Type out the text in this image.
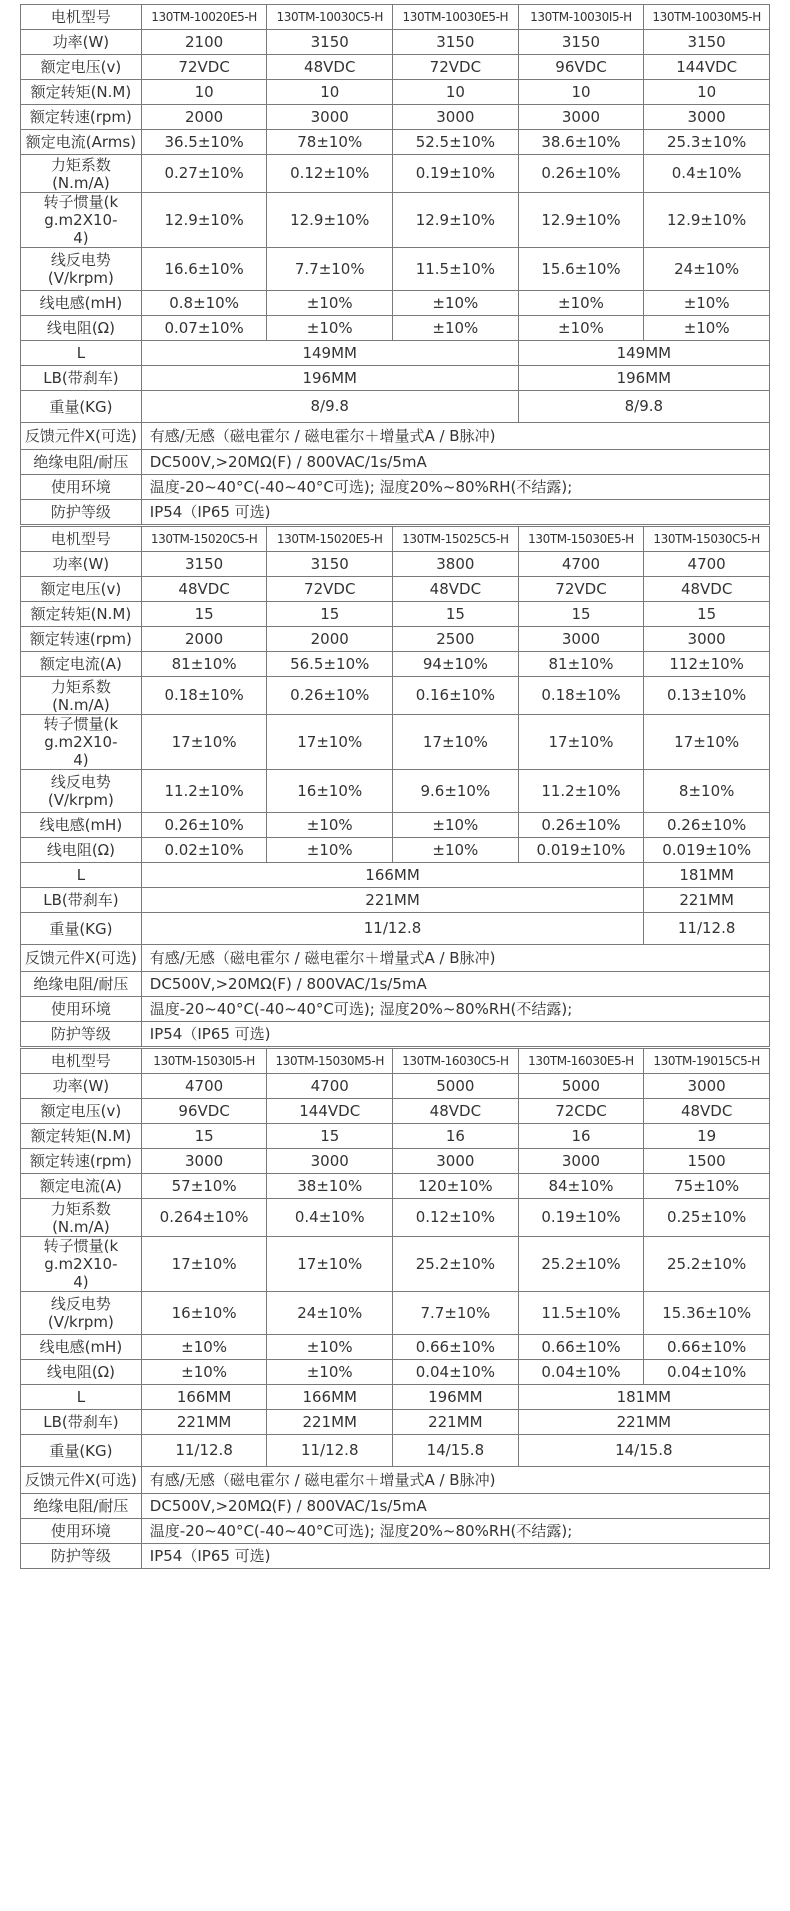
电机型号	130TM-10020E5-H	130TM-10030C5-H	130TM-10030E5-H	130TM-10030I5-H	130TM-10030M5-H
功率(W)	2100	3150	3150	3150	3150
额定电压(v)	72VDC	48VDC	72VDC	96VDC	144VDC
额定转矩(N.M)	10	10	10	10	10
额定转速(rpm)	2000	3000	3000	3000	3000
额定电流(Arms)	36.5±10%	78±10%	52.5±10%	38.6±10%	25.3±10%
力矩系数(N.m/A)	0.27±10%	0.12±10%	0.19±10%	0.26±10%	0.4±10%
转子惯量(kg.m2X10-4)	12.9±10%	12.9±10%	12.9±10%	12.9±10%	12.9±10%
线反电势(V/krpm)	16.6±10%	7.7±10%	11.5±10%	15.6±10%	24±10%
线电感(mH)	0.8±10%	±10%	±10%	±10%	±10%
线电阻(Ω)	0.07±10%	±10%	±10%	±10%	±10%
L	149MM			149MM	
LB(带刹车)	196MM			196MM	
重量(KG)	8/9.8			8/9.8	
反馈元件X(可选)	有感/无感（磁电霍尔 / 磁电霍尔＋增量式A / B脉冲)				
绝缘电阻/耐压	DC500V,>20MΩ(F) / 800VAC/1s/5mA				
使用环境	温度-20~40°C(-40~40°C可选); 湿度20%~80%RH(不结露);				
防护等级	IP54（IP65 可选)				
电机型号	130TM-15020C5-H	130TM-15020E5-H	130TM-15025C5-H	130TM-15030E5-H	130TM-15030C5-H
功率(W)	3150	3150	3800	4700	4700
额定电压(v)	48VDC	72VDC	48VDC	72VDC	48VDC
额定转矩(N.M)	15	15	15	15	15
额定转速(rpm)	2000	2000	2500	3000	3000
额定电流(A)	81±10%	56.5±10%	94±10%	81±10%	112±10%
力矩系数(N.m/A)	0.18±10%	0.26±10%	0.16±10%	0.18±10%	0.13±10%
转子惯量(kg.m2X10-4)	17±10%	17±10%	17±10%	17±10%	17±10%
线反电势(V/krpm)	11.2±10%	16±10%	9.6±10%	11.2±10%	8±10%
线电感(mH)	0.26±10%	±10%	±10%	0.26±10%	0.26±10%
线电阻(Ω)	0.02±10%	±10%	±10%	0.019±10%	0.019±10%
L	166MM				181MM
LB(带刹车)	221MM				221MM
重量(KG)	11/12.8				11/12.8
反馈元件X(可选)	有感/无感（磁电霍尔 / 磁电霍尔＋增量式A / B脉冲)				
绝缘电阻/耐压	DC500V,>20MΩ(F) / 800VAC/1s/5mA				
使用环境	温度-20~40°C(-40~40°C可选); 湿度20%~80%RH(不结露);				
防护等级	IP54（IP65 可选)				
电机型号	130TM-15030I5-H	130TM-15030M5-H	130TM-16030C5-H	130TM-16030E5-H	130TM-19015C5-H
功率(W)	4700	4700	5000	5000	3000
额定电压(v)	96VDC	144VDC	48VDC	72CDC	48VDC
额定转矩(N.M)	15	15	16	16	19
额定转速(rpm)	3000	3000	3000	3000	1500
额定电流(A)	57±10%	38±10%	120±10%	84±10%	75±10%
力矩系数(N.m/A)	0.264±10%	0.4±10%	0.12±10%	0.19±10%	0.25±10%
转子惯量(kg.m2X10-4)	17±10%	17±10%	25.2±10%	25.2±10%	25.2±10%
线反电势(V/krpm)	16±10%	24±10%	7.7±10%	11.5±10%	15.36±10%
线电感(mH)	±10%	±10%	0.66±10%	0.66±10%	0.66±10%
线电阻(Ω)	±10%	±10%	0.04±10%	0.04±10%	0.04±10%
L	166MM	166MM	196MM	181MM	
LB(带刹车)	221MM	221MM	221MM	221MM	
重量(KG)	11/12.8	11/12.8	14/15.8	14/15.8	
反馈元件X(可选)	有感/无感（磁电霍尔 / 磁电霍尔＋增量式A / B脉冲)				
绝缘电阻/耐压	DC500V,>20MΩ(F) / 800VAC/1s/5mA				
使用环境	温度-20~40°C(-40~40°C可选); 湿度20%~80%RH(不结露);				
防护等级	IP54（IP65 可选)				
